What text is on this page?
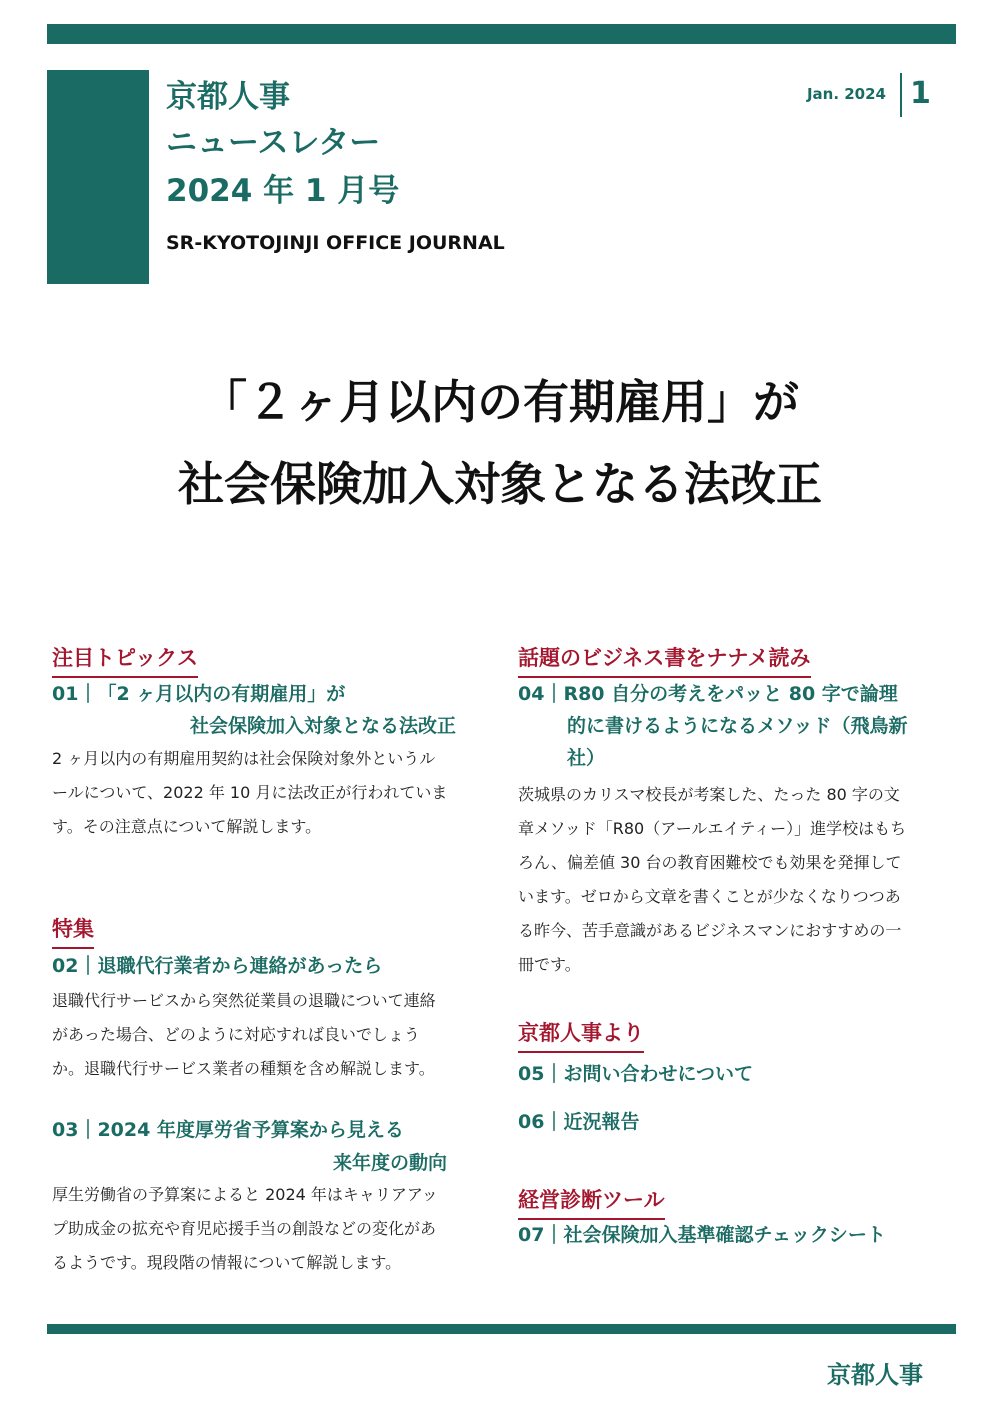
京都人事
ニュースレター
2024 年 1 月号
SR-KYOTOJINJI OFFICE JOURNAL
Jan. 2024 1
「２ヶ月以内の有期雇用」が
社会保険加入対象となる法改正
注目トピックス
01｜「2 ヶ月以内の有期雇用」が
社会保険加入対象となる法改正
2 ヶ月以内の有期雇用契約は社会保険対象外というル
ールについて、2022 年 10 月に法改正が行われていま
す。その注意点について解説します。
特集
02｜退職代行業者から連絡があったら
退職代行サービスから突然従業員の退職について連絡
があった場合、どのように対応すれば良いでしょう
か。退職代行サービス業者の種類を含め解説します。
03｜2024 年度厚労省予算案から見える
来年度の動向
厚生労働省の予算案によると 2024 年はキャリアアッ
プ助成金の拡充や育児応援手当の創設などの変化があ
るようです。現段階の情報について解説します。
話題のビジネス書をナナメ読み
04｜R80 自分の考えをパッと 80 字で論理
的に書けるようになるメソッド（飛鳥新
社）
茨城県のカリスマ校長が考案した、たった 80 字の文
章メソッド「R80（アールエイティー）」進学校はもち
ろん、偏差値 30 台の教育困難校でも効果を発揮して
います。ゼロから文章を書くことが少なくなりつつあ
る昨今、苦手意識があるビジネスマンにおすすめの一
冊です。
京都人事より
05｜お問い合わせについて
06｜近況報告
経営診断ツール
07｜社会保険加入基準確認チェックシート
京都人事
